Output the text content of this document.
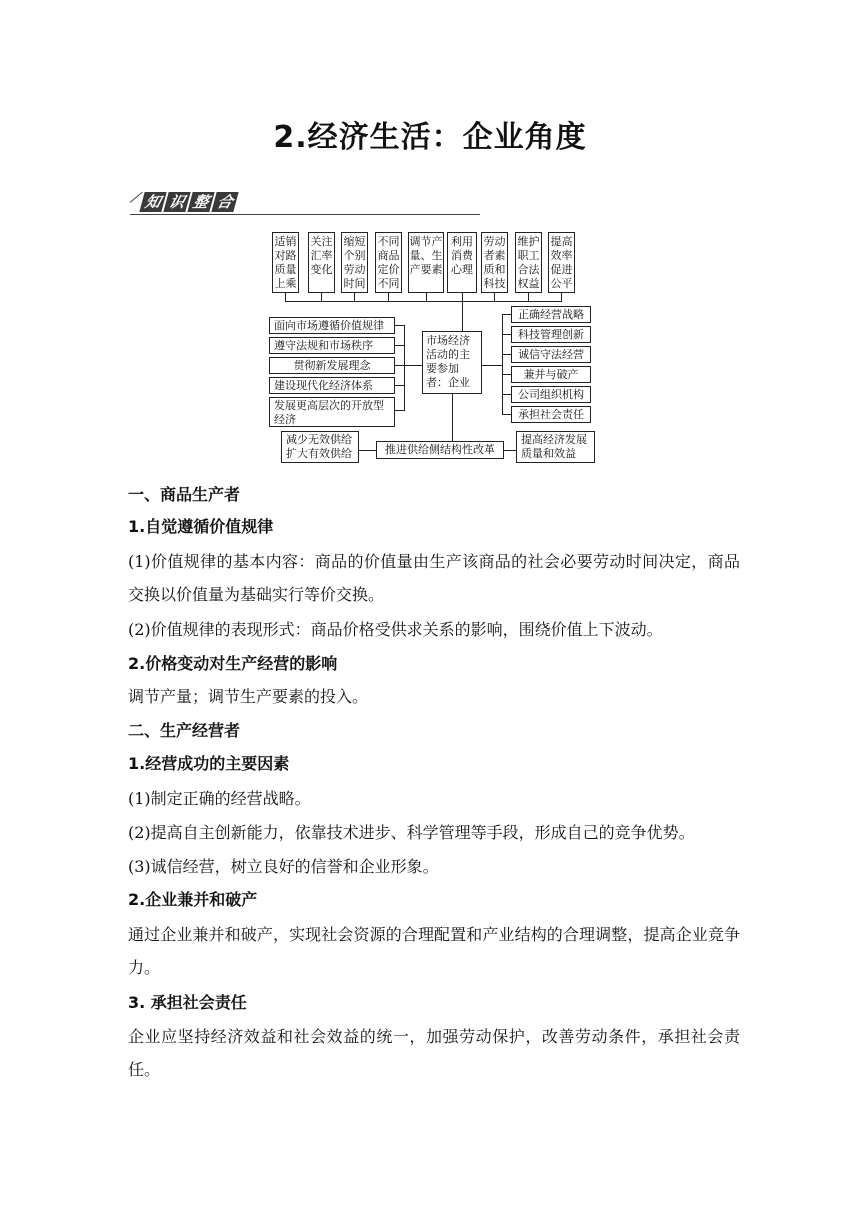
2.经济生活：企业角度
知 识 整 合
适销对路质量上乘
关注汇率变化
缩短个别劳动时间
不同商品定价不同
调节产量、生产要素
利用消费心理
劳动者素质和科技
维护职工合法权益
提高效率促进公平
市场经济活动的主要参加者：企业
面向市场遵循价值规律
遵守法规和市场秩序
贯彻新发展理念
建设现代化经济体系
发展更高层次的开放型经济
正确经营战略
科技管理创新
诚信守法经营
兼并与破产
公司组织机构
承担社会责任
推进供给侧结构性改革
减少无效供给扩大有效供给
提高经济发展质量和效益
一、商品生产者
1.自觉遵循价值规律
(1)价值规律的基本内容：商品的价值量由生产该商品的社会必要劳动时间决定，商品交换以价值量为基础实行等价交换。
(2)价值规律的表现形式：商品价格受供求关系的影响，围绕价值上下波动。
2.价格变动对生产经营的影响
调节产量；调节生产要素的投入。
二、生产经营者
1.经营成功的主要因素
(1)制定正确的经营战略。
(2)提高自主创新能力，依靠技术进步、科学管理等手段，形成自己的竞争优势。
(3)诚信经营，树立良好的信誉和企业形象。
2.企业兼并和破产
通过企业兼并和破产，实现社会资源的合理配置和产业结构的合理调整，提高企业竞争力。
3. 承担社会责任
企业应坚持经济效益和社会效益的统一，加强劳动保护，改善劳动条件，承担社会责任。
